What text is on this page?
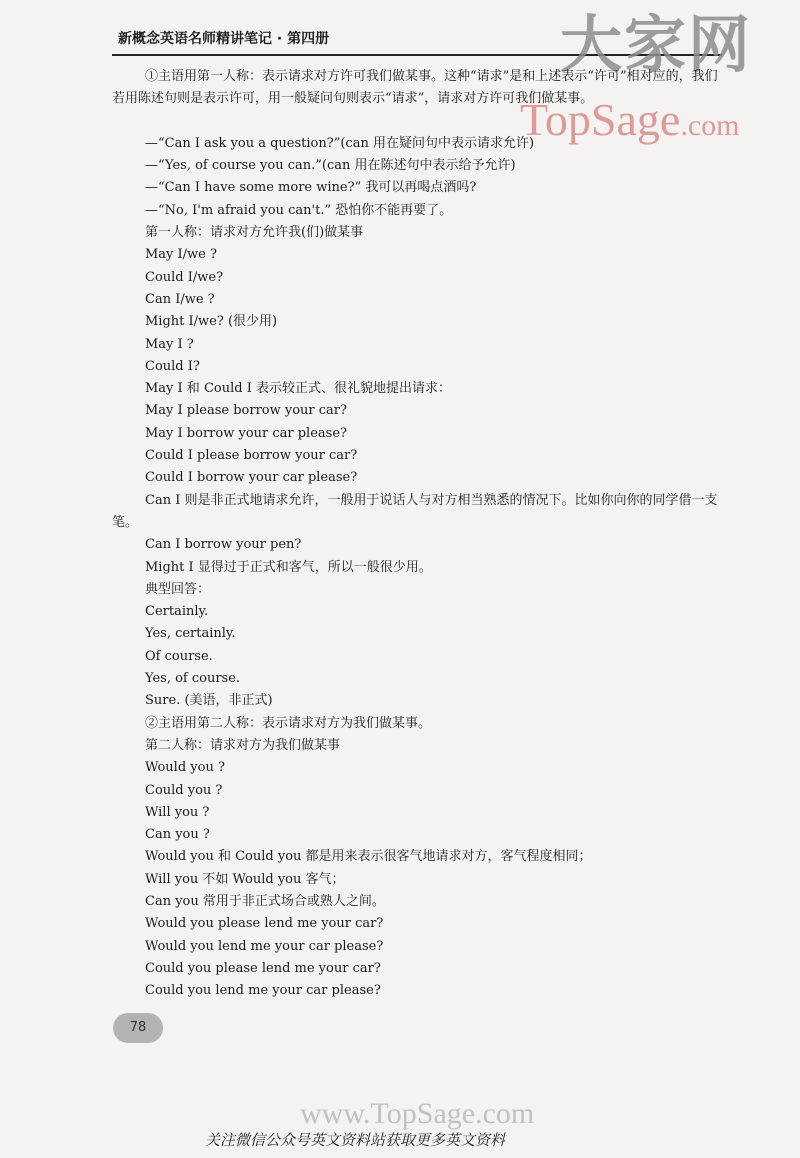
新概念英语名师精讲笔记 · 第四册	大家网
TopSage.com
①主语用第一人称：表示请求对方许可我们做某事。这种“请求”是和上述表示“许可”相对应的，我们若用陈述句则是表示许可，用一般疑问句则表示“请求”，请求对方许可我们做某事。
—“Can I ask you a question?”(can 用在疑问句中表示请求允许)
—“Yes, of course you can.”(can 用在陈述句中表示给予允许)
—“Can I have some more wine?” 我可以再喝点酒吗?
—“No, I'm afraid you can't.” 恐怕你不能再要了。
第一人称：请求对方允许我(们)做某事
May I/we ?
Could I/we?
Can I/we ?
Might I/we? (很少用)
May I ?
Could I?
May I 和 Could I 表示较正式、很礼貌地提出请求：
May I please borrow your car?
May I borrow your car please?
Could I please borrow your car?
Could I borrow your car please?
Can I 则是非正式地请求允许，一般用于说话人与对方相当熟悉的情况下。比如你向你的同学借一支笔。
Can I borrow your pen?
Might I 显得过于正式和客气，所以一般很少用。
典型回答：
Certainly.
Yes, certainly.
Of course.
Yes, of course.
Sure. (美语，非正式)
②主语用第二人称：表示请求对方为我们做某事。
第二人称：请求对方为我们做某事
Would you ?
Could you ?
Will you ?
Can you ?
Would you 和 Could you 都是用来表示很客气地请求对方，客气程度相同；
Will you 不如 Would you 客气；
Can you 常用于非正式场合或熟人之间。
Would you please lend me your car?
Would you lend me your car please?
Could you please lend me your car?
Could you lend me your car please?
78
www.TopSage.com
关注微信公众号英文资料站获取更多英文资料
